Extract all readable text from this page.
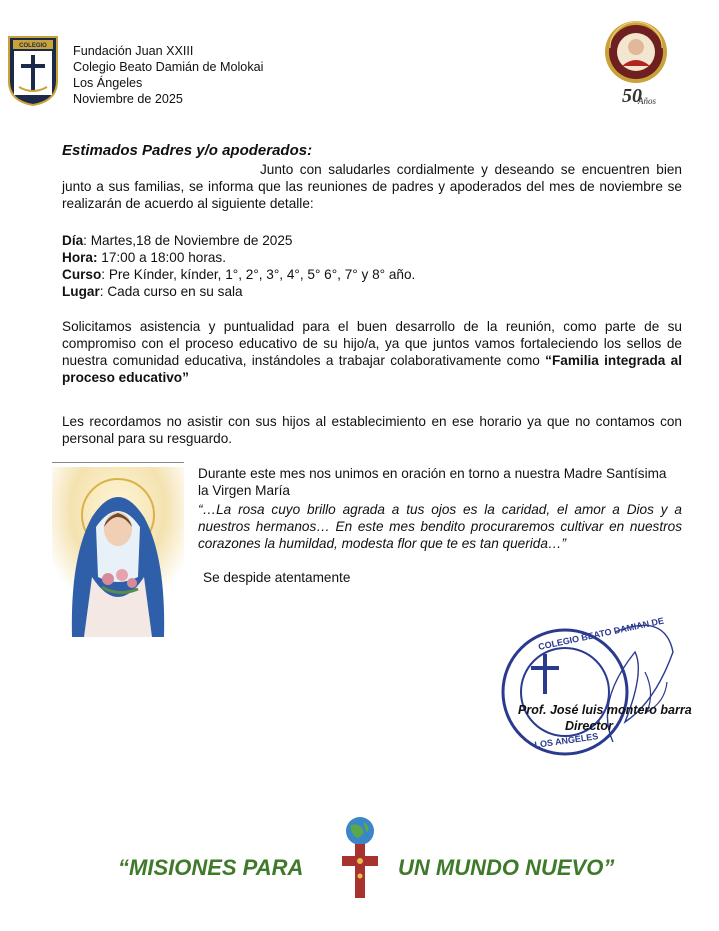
COLEGIO Fundación Juan XXIII
Colegio Beato Damián de Molokai
Los Ángeles
Noviembre de 2025	50
Años
Estimados Padres y/o apoderados:
Junto con saludarles cordialmente y deseando se encuentren bien junto a sus familias, se informa que las reuniones de padres y apoderados del mes de noviembre se realizarán de acuerdo al siguiente detalle:
Día: Martes,18 de Noviembre de 2025
Hora: 17:00 a 18:00 horas.
Curso: Pre Kínder, kínder, 1°, 2°, 3°, 4°, 5° 6°, 7° y 8° año.
Lugar: Cada curso en su sala
Solicitamos asistencia y puntualidad para el buen desarrollo de la reunión, como parte de su compromiso con el proceso educativo de su hijo/a, ya que juntos vamos fortaleciendo los sellos de nuestra comunidad educativa, instándoles a trabajar colaborativamente como “Familia integrada al proceso educativo”
Les recordamos no asistir con sus hijos al establecimiento en ese horario ya que no contamos con personal para su resguardo.
Durante este mes nos unimos en oración en torno a nuestra Madre Santísima
la Virgen María
“…La rosa cuyo brillo agrada a tus ojos es la caridad, el amor a Dios y a nuestros hermanos… En este mes bendito procuraremos cultivar en nuestros corazones la humildad, modesta flor que te es tan querida…”
Se despide atentamente
COLEGIO BEATO DAMIAN DE
LOS ANGELES
Prof. José luis montero barra
Director
“MISIONES PARA	UN MUNDO NUEVO”
